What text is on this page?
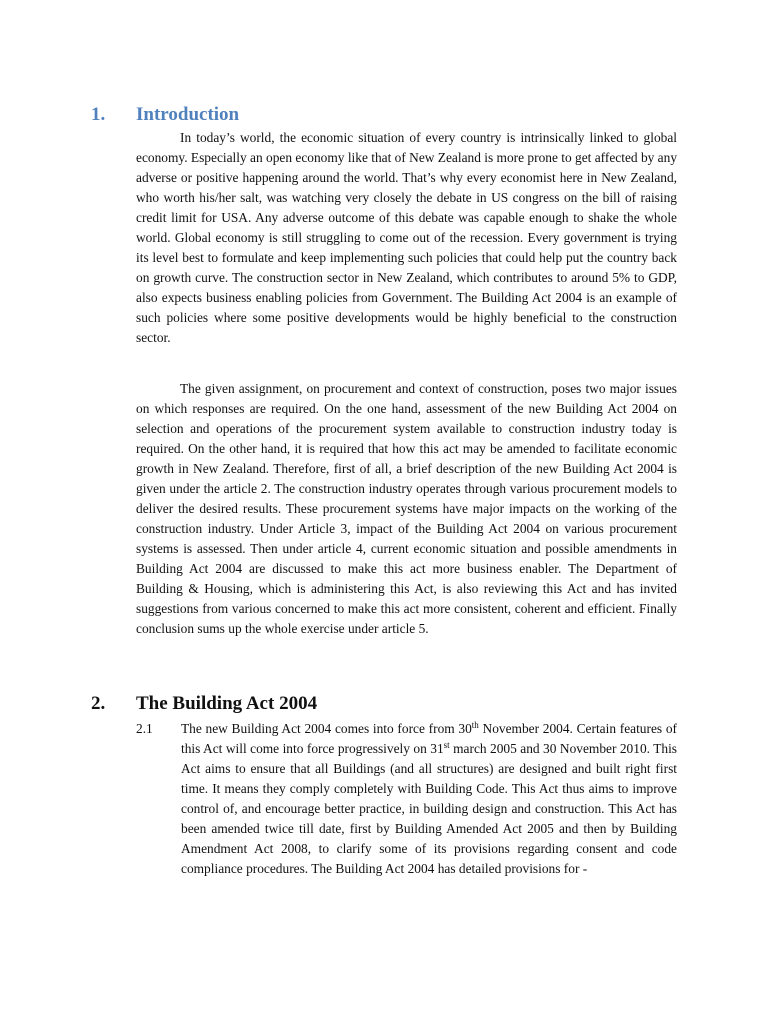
1. Introduction

In today’s world, the economic situation of every country is intrinsically linked to global economy. Especially an open economy like that of New Zealand is more prone to get affected by any adverse or positive happening around the world. That’s why every economist here in New Zealand, who worth his/her salt, was watching very closely the debate in US congress on the bill of raising credit limit for USA. Any adverse outcome of this debate was capable enough to shake the whole world. Global economy is still struggling to come out of the recession. Every government is trying its level best to formulate and keep implementing such policies that could help put the country back on growth curve. The construction sector in New Zealand, which contributes to around 5% to GDP, also expects business enabling policies from Government. The Building Act 2004 is an example of such policies where some positive developments would be highly beneficial to the construction sector.

The given assignment, on procurement and context of construction, poses two major issues on which responses are required. On the one hand, assessment of the new Building Act 2004 on selection and operations of the procurement system available to construction industry today is required. On the other hand, it is required that how this act may be amended to facilitate economic growth in New Zealand. Therefore, first of all, a brief description of the new Building Act 2004 is given under the article 2. The construction industry operates through various procurement models to deliver the desired results. These procurement systems have major impacts on the working of the construction industry. Under Article 3, impact of the Building Act 2004 on various procurement systems is assessed. Then under article 4, current economic situation and possible amendments in Building Act 2004 are discussed to make this act more business enabler. The Department of Building & Housing, which is administering this Act, is also reviewing this Act and has invited suggestions from various concerned to make this act more consistent, coherent and efficient. Finally conclusion sums up the whole exercise under article 5.

2. The Building Act 2004
2.1 The new Building Act 2004 comes into force from 30th November 2004. Certain features of this Act will come into force progressively on 31st march 2005 and 30 November 2010. This Act aims to ensure that all Buildings (and all structures) are designed and built right first time. It means they comply completely with Building Code. This Act thus aims to improve control of, and encourage better practice, in building design and construction. This Act has been amended twice till date, first by Building Amended Act 2005 and then by Building Amendment Act 2008, to clarify some of its provisions regarding consent and code compliance procedures. The Building Act 2004 has detailed provisions for -
